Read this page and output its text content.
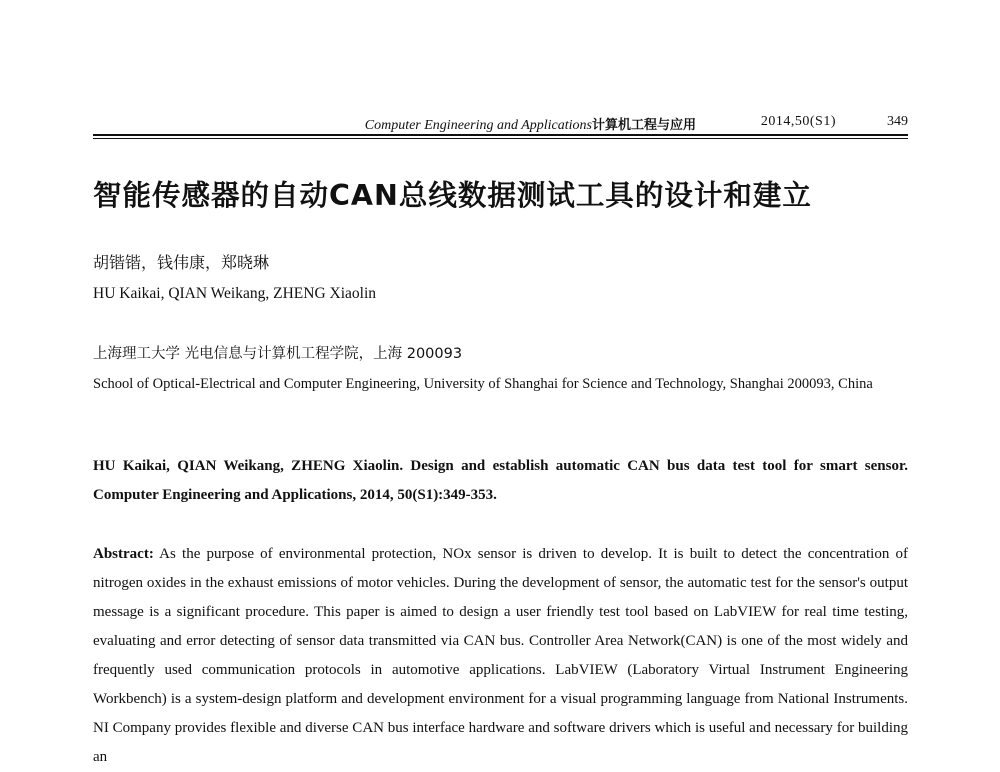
Computer Engineering and Applications计算机工程与应用	2014,50(S1)	349
智能传感器的自动CAN总线数据测试工具的设计和建立
胡锴锴，钱伟康，郑晓琳
HU Kaikai, QIAN Weikang, ZHENG Xiaolin
上海理工大学 光电信息与计算机工程学院，上海 200093

School of Optical-Electrical and Computer Engineering, University of Shanghai for Science and Technology, Shanghai 200093, China

HU Kaikai, QIAN Weikang, ZHENG Xiaolin. Design and establish automatic CAN bus data test tool for smart sensor. Computer Engineering and Applications, 2014, 50(S1):349-353.

Abstract: As the purpose of environmental protection, NOx sensor is driven to develop. It is built to detect the concentration of nitrogen oxides in the exhaust emissions of motor vehicles. During the development of sensor, the automatic test for the sensor's output message is a significant procedure. This paper is aimed to design a user friendly test tool based on LabVIEW for real time testing, evaluating and error detecting of sensor data transmitted via CAN bus. Controller Area Network(CAN) is one of the most widely and frequently used communication protocols in automotive applications. LabVIEW (Laboratory Virtual Instrument Engineering Workbench) is a system-design platform and development environment for a visual programming language from National Instruments. NI Company provides flexible and diverse CAN bus interface hardware and software drivers which is useful and necessary for building an
